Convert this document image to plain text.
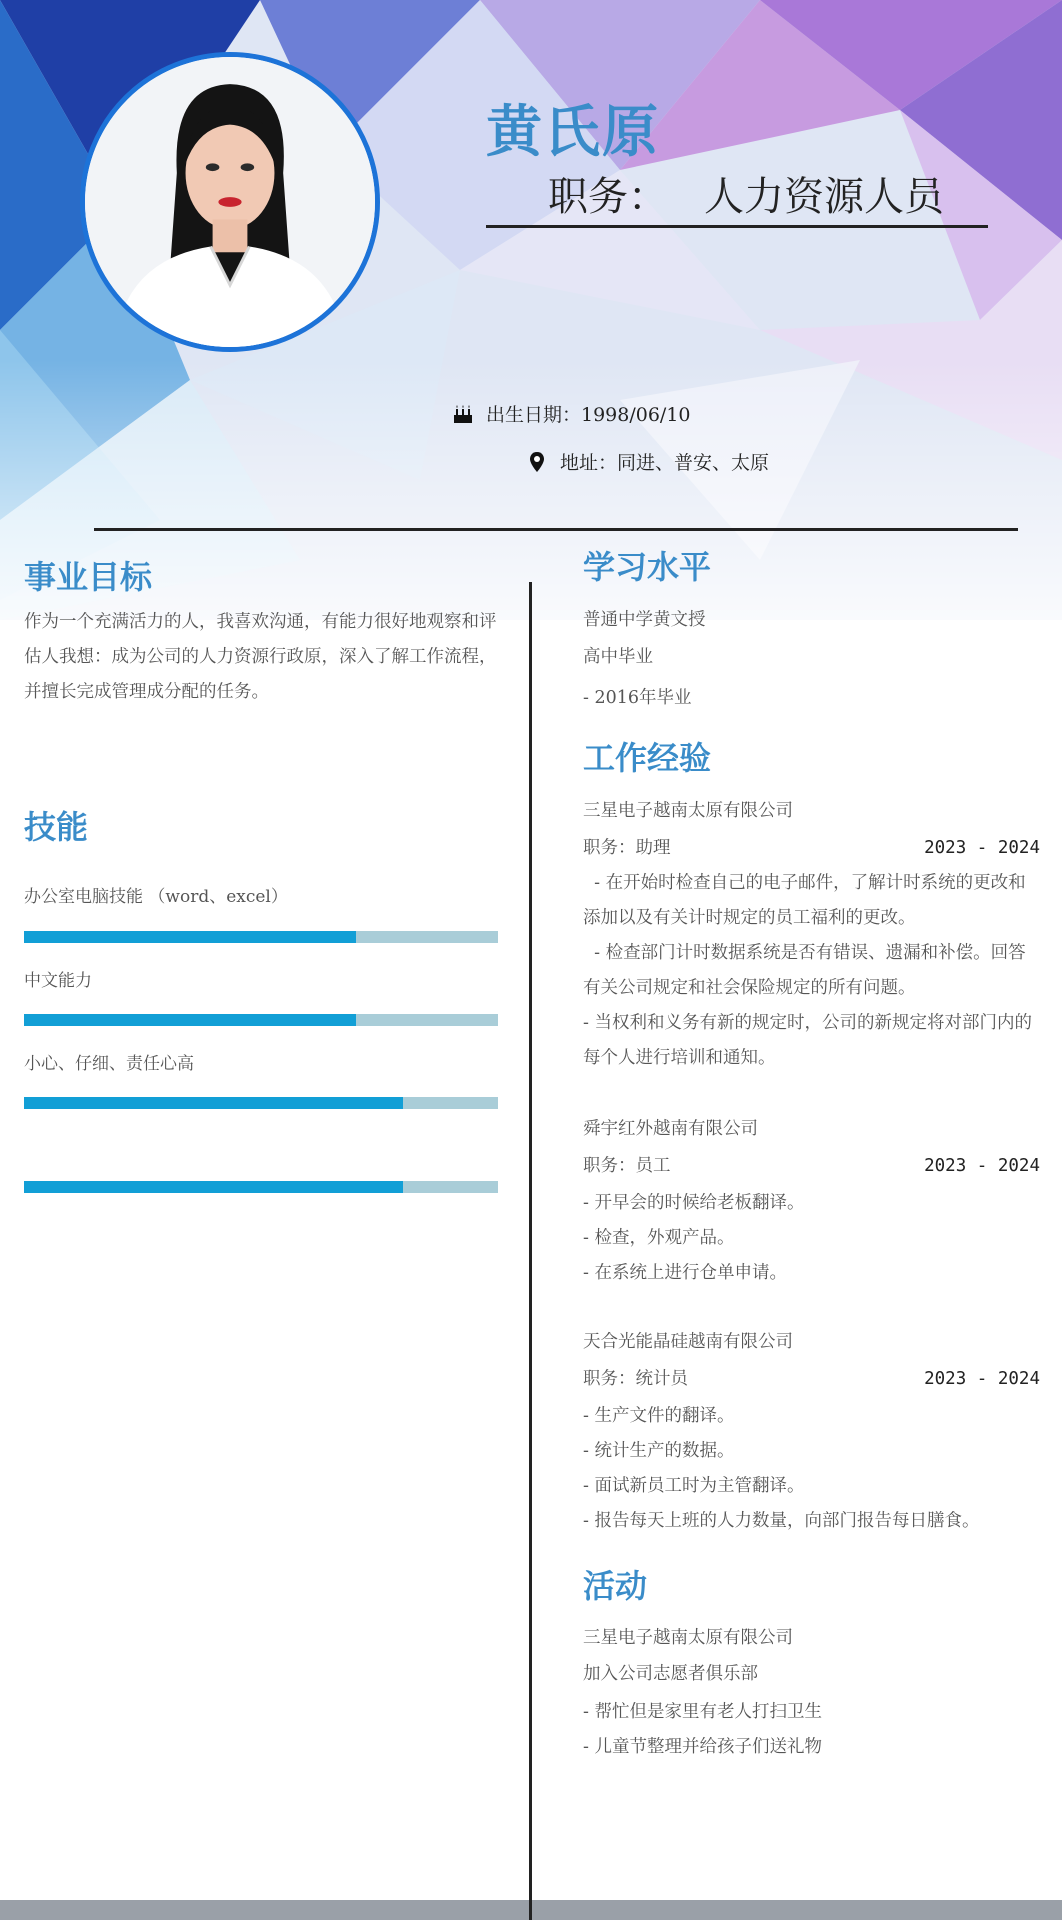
黄氏原
职务： 人力资源人员
出生日期：1998/06/10
地址：同进、普安、太原
事业目标
作为一个充满活力的人，我喜欢沟通，有能力很好地观察和评估人我想：成为公司的人力资源行政原，深入了解工作流程，并擅长完成管理成分配的任务。
技能
办公室电脑技能 （word、excel）
中文能力
小心、仔细、责任心高
学习水平
普通中学黄文授
高中毕业
- 2016年毕业
工作经验
三星电子越南太原有限公司
职务：助理	2023 - 2024
- 在开始时检查自己的电子邮件，了解计时系统的更改和添加以及有关计时规定的员工福利的更改。
- 检查部门计时数据系统是否有错误、遗漏和补偿。回答有关公司规定和社会保险规定的所有问题。
- 当权利和义务有新的规定时，公司的新规定将对部门内的每个人进行培训和通知。
舜宇红外越南有限公司
职务：员工	2023 - 2024
- 开早会的时候给老板翻译。
- 检查，外观产品。
- 在系统上进行仓单申请。
天合光能晶硅越南有限公司
职务：统计员	2023 - 2024
- 生产文件的翻译。
- 统计生产的数据。
- 面试新员工时为主管翻译。
- 报告每天上班的人力数量，向部门报告每日膳食。
活动
三星电子越南太原有限公司
加入公司志愿者俱乐部
- 帮忙但是家里有老人打扫卫生
- 儿童节整理并给孩子们送礼物
